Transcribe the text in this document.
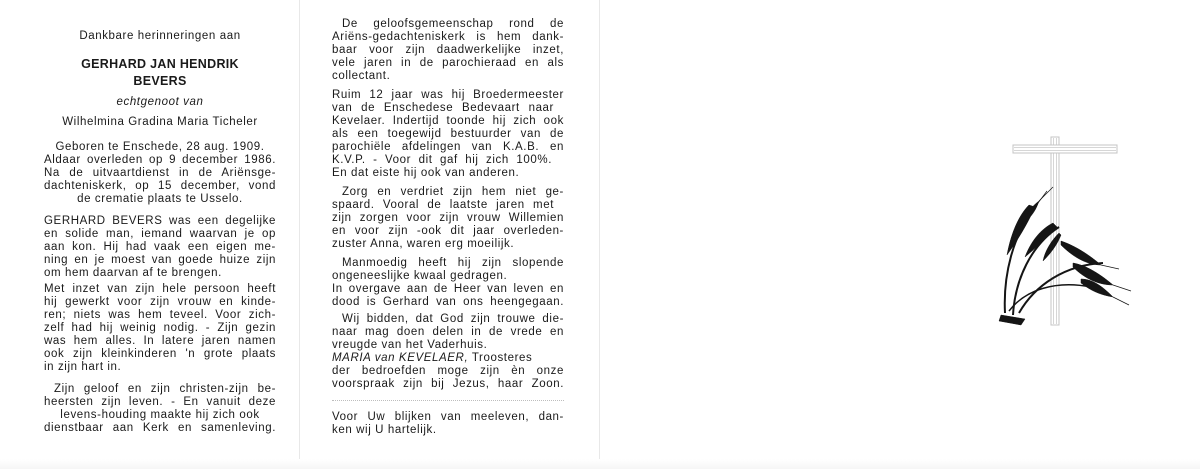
Dankbare herinneringen aan

GERHARD JAN HENDRIK

BEVERS

echtgenoot van

Wilhelmina Gradina Maria Ticheler

Geboren te Enschede, 28 aug. 1909.

Aldaar overleden op 9 december 1986.

Na de uitvaartdienst in de Ariënsge-

dachteniskerk, op 15 december, vond

de crematie plaats te Usselo.

GERHARD BEVERS was een degelijke

en solide man, iemand waarvan je op

aan kon. Hij had vaak een eigen me-

ning en je moest van goede huize zijn

om hem daarvan af te brengen.

Met inzet van zijn hele persoon heeft

hij gewerkt voor zijn vrouw en kinde-

ren; niets was hem teveel. Voor zich-

zelf had hij weinig nodig. - Zijn gezin

was hem alles. In latere jaren namen

ook zijn kleinkinderen 'n grote plaats

in zijn hart in.

Zijn geloof en zijn christen-zijn be-

heersten zijn leven. - En vanuit deze

levens-houding maakte hij zich ook

dienstbaar aan Kerk en samenleving.

De geloofsgemeenschap rond de

Ariëns-gedachteniskerk is hem dank-

baar voor zijn daadwerkelijke inzet,

vele jaren in de parochieraad en als

collectant.

Ruim 12 jaar was hij Broedermeester

van de Enschedese Bedevaart naar

Kevelaer. Indertijd toonde hij zich ook

als een toegewijd bestuurder van de

parochiële afdelingen van K.A.B. en

K.V.P. - Voor dit gaf hij zich 100%.

En dat eiste hij ook van anderen.

Zorg en verdriet zijn hem niet ge-

spaard. Vooral de laatste jaren met

zijn zorgen voor zijn vrouw Willemien

en voor zijn -ook dit jaar overleden-

zuster Anna, waren erg moeilijk.

Manmoedig heeft hij zijn slopende

ongeneeslijke kwaal gedragen.

In overgave aan de Heer van leven en

dood is Gerhard van ons heengegaan.

Wij bidden, dat God zijn trouwe die-

naar mag doen delen in de vrede en

vreugde van het Vaderhuis.

MARIA van KEVELAER, Troosteres

der bedroefden moge zijn èn onze

voorspraak zijn bij Jezus, haar Zoon.

Voor Uw blijken van meeleven, dan-

ken wij U hartelijk.
